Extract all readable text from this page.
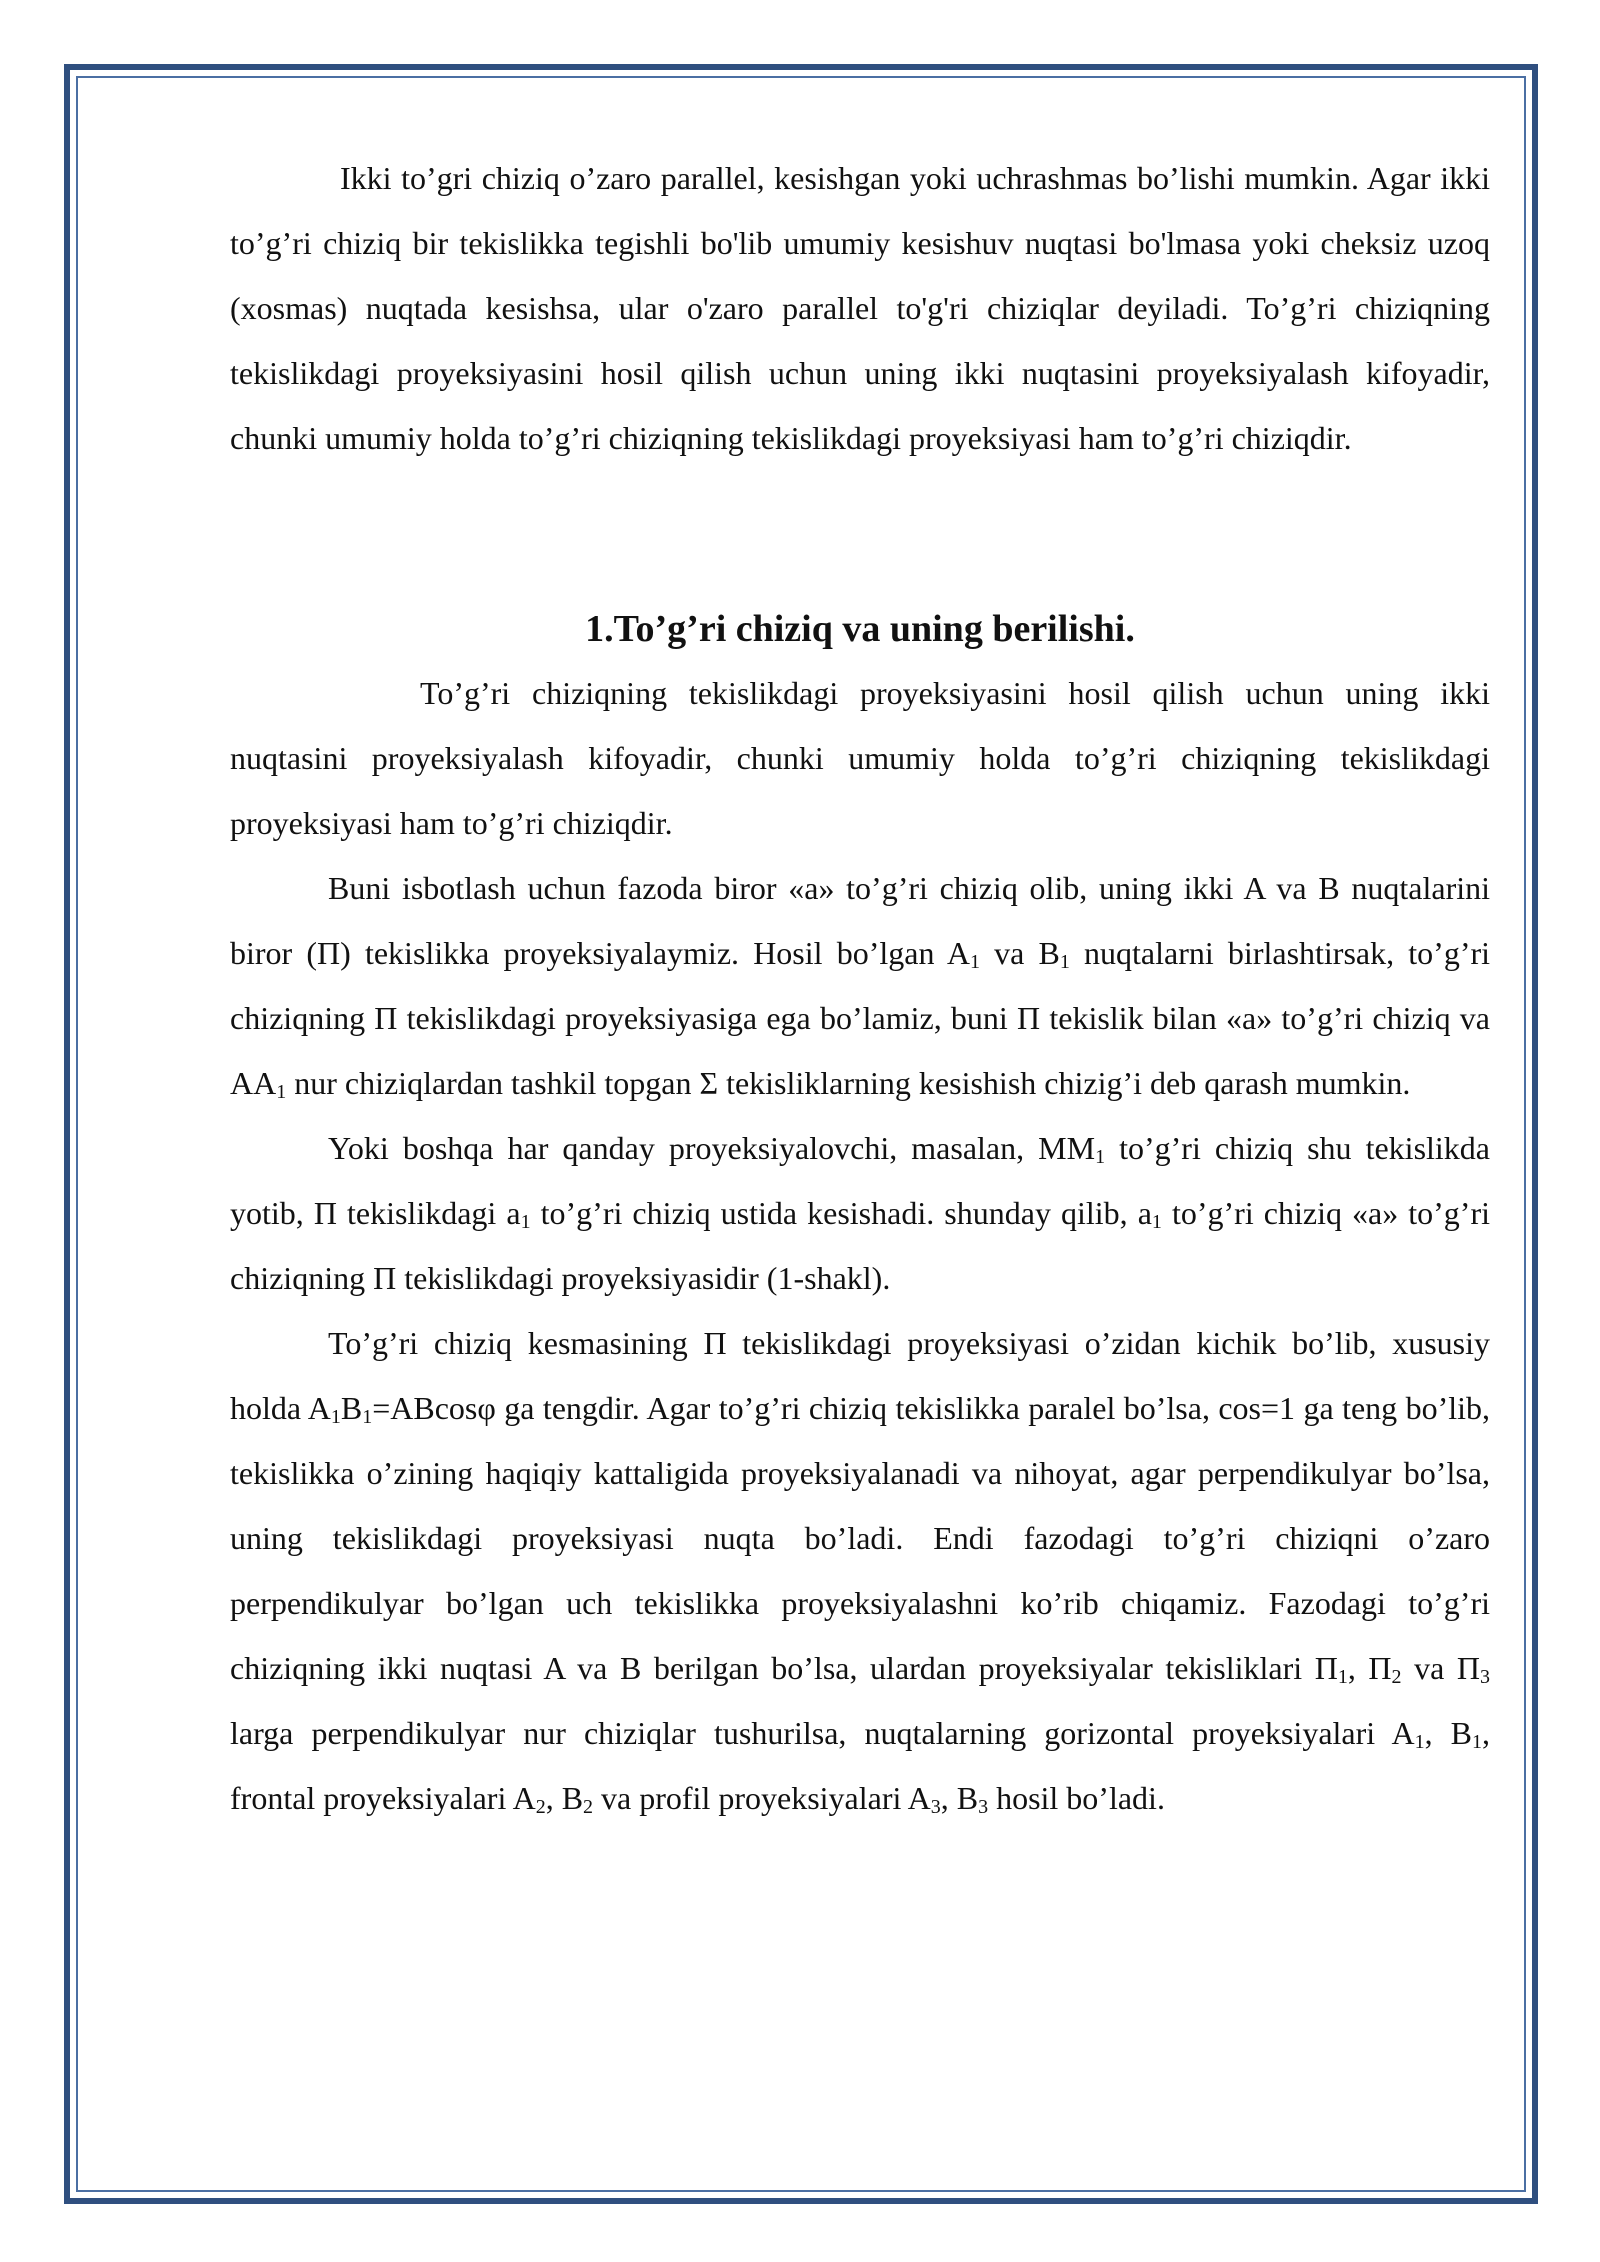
Ikki to’gri chiziq o’zaro parallel, kesishgan yoki uchrashmas bo’lishi mumkin. Agar ikki to’g’ri chiziq bir tekislikka tegishli bo'lib umumiy kesishuv nuqtasi bo'lmasa yoki cheksiz uzoq (xosmas) nuqtada kesishsa, ular o'zaro parallel to'g'ri chiziqlar deyiladi. To’g’ri chiziqning tekislikdagi proyeksiyasini hosil qilish uchun uning ikki nuqtasini proyeksiyalash kifoyadir, chunki umumiy holda to’g’ri chiziqning tekislikdagi proyeksiyasi ham to’g’ri chiziqdir.

1.To’g’ri chiziq va uning berilishi.

To’g’ri chiziqning tekislikdagi proyeksiyasini hosil qilish uchun uning ikki nuqtasini proyeksiyalash kifoyadir, chunki umumiy holda to’g’ri chiziqning tekislikdagi proyeksiyasi ham to’g’ri chiziqdir.

Buni isbotlash uchun fazoda biror «a» to’g’ri chiziq olib, uning ikki A va B nuqtalarini biror (П) tekislikka proyeksiyalaymiz. Hosil bo’lgan $A_1$ va $B_1$ nuqtalarni birlashtirsak, to’g’ri chiziqning П tekislikdagi proyeksiyasiga ega bo’lamiz, buni П tekislik bilan «a» to’g’ri chiziq va $AA_1$ nur chiziqlardan tashkil topgan Σ tekisliklarning kesishish chizig’i deb qarash mumkin.

Yoki boshqa har qanday proyeksiyalovchi, masalan, $MM_1$ to’g’ri chiziq shu tekislikda yotib, П tekislikdagi $a_1$ to’g’ri chiziq ustida kesishadi. shunday qilib, $a_1$ to’g’ri chiziq «a» to’g’ri chiziqning П tekislikdagi proyeksiyasidir (1-shakl).

To’g’ri chiziq kesmasining П tekislikdagi proyeksiyasi o’zidan kichik bo’lib, xususiy holda $A_1B_1=ABcos\varphi$ ga tengdir. Agar to’g’ri chiziq tekislikka paralel bo’lsa, cos=1 ga teng bo’lib, tekislikka o’zining haqiqiy kattaligida proyeksiyalanadi va nihoyat, agar perpendikulyar bo’lsa, uning tekislikdagi proyeksiyasi nuqta bo’ladi. Endi fazodagi to’g’ri chiziqni o’zaro perpendikulyar bo’lgan uch tekislikka proyeksiyalashni ko’rib chiqamiz. Fazodagi to’g’ri chiziqning ikki nuqtasi A va B berilgan bo’lsa, ulardan proyeksiyalar tekisliklari $П_1$, $П_2$ va $П_3$ larga perpendikulyar nur chiziqlar tushurilsa, nuqtalarning gorizontal proyeksiyalari $A_1$, $B_1$, frontal proyeksiyalari $A_2$, $B_2$ va profil proyeksiyalari $A_3$, $B_3$ hosil bo’ladi.
